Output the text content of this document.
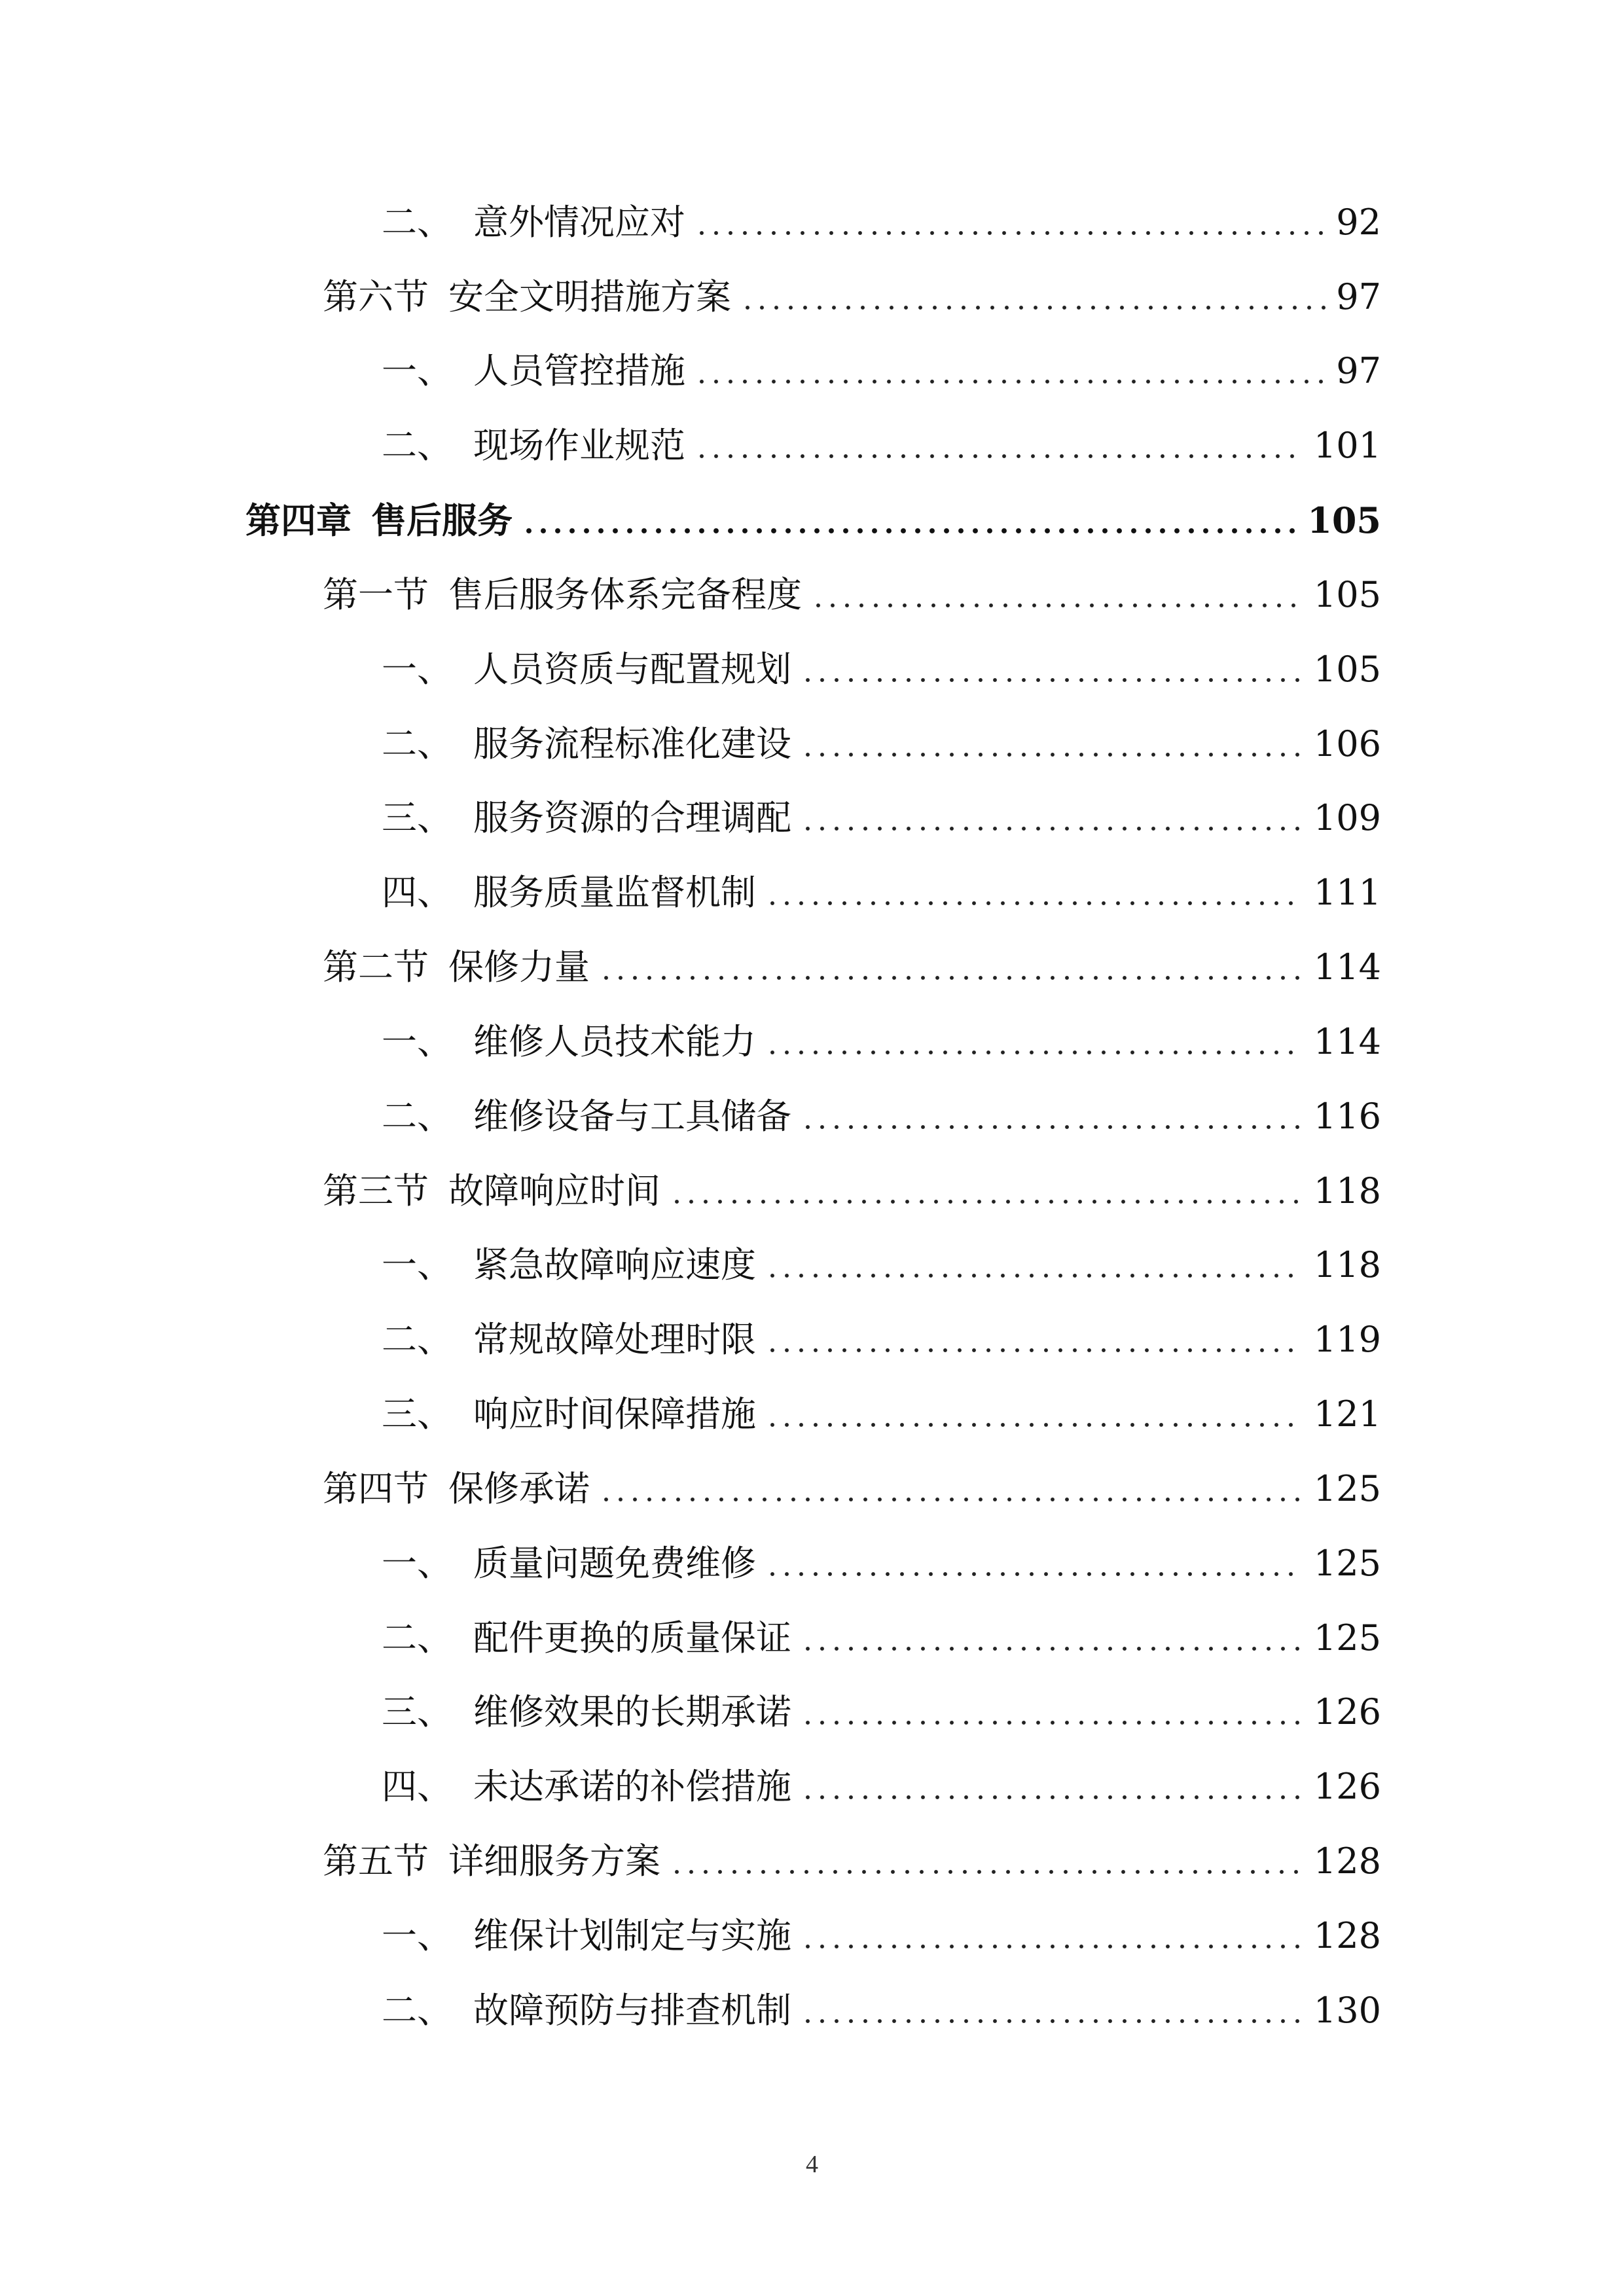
二、 意外情况应对	92
第六节 安全文明措施方案	97
一、 人员管控措施	97
二、 现场作业规范	101
第四章 售后服务	105
第一节 售后服务体系完备程度	105
一、 人员资质与配置规划	105
二、 服务流程标准化建设	106
三、 服务资源的合理调配	109
四、 服务质量监督机制	111
第二节 保修力量	114
一、 维修人员技术能力	114
二、 维修设备与工具储备	116
第三节 故障响应时间	118
一、 紧急故障响应速度	118
二、 常规故障处理时限	119
三、 响应时间保障措施	121
第四节 保修承诺	125
一、 质量问题免费维修	125
二、 配件更换的质量保证	125
三、 维修效果的长期承诺	126
四、 未达承诺的补偿措施	126
第五节 详细服务方案	128
一、 维保计划制定与实施	128
二、 故障预防与排查机制	130
4
